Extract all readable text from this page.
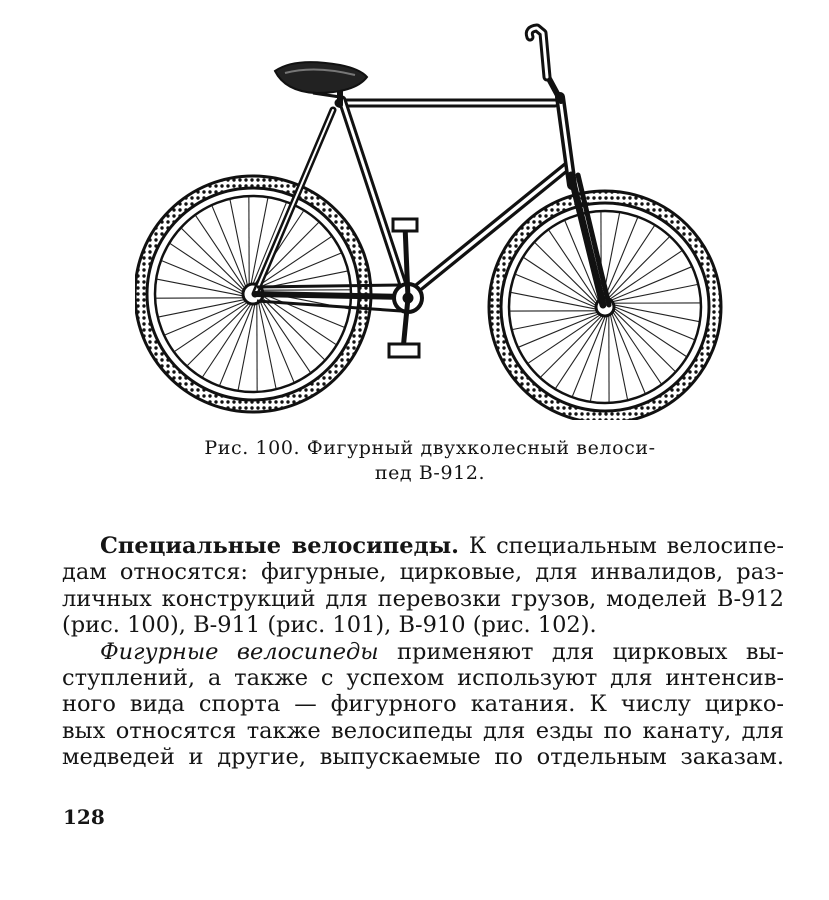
Рис. 100. Фигурный двухколесный велоси-
пед В-912.
Специальные велосипеды. К специальным велосипе-
дам относятся: фигурные, цирковые, для инвалидов, раз-
личных конструкций для перевозки грузов, моделей В-912
(рис. 100), В-911 (рис. 101), В-910 (рис. 102).
Фигурные велосипеды применяют для цирковых вы-
ступлений, а также с успехом используют для интенсив-
ного вида спорта — фигурного катания. К числу цирко-
вых относятся также велосипеды для езды по канату, для
медведей и другие, выпускаемые по отдельным заказам.
128
